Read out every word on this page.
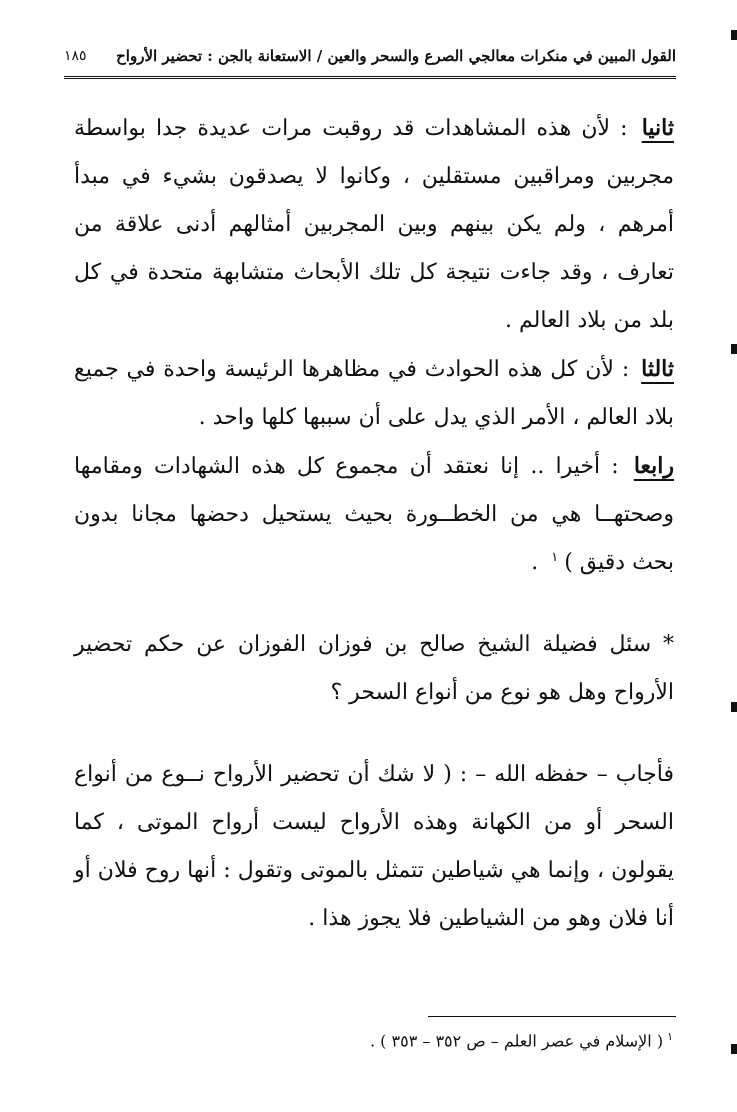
القول المبين في منكرات معالجي الصرع والسحر والعين / الاستعانة بالجن : تحضير الأرواح
١٨٥

ثانيا : لأن هذه المشاهدات قد روقبت مرات عديدة جدا بواسطة مجربين ومراقبين مستقلين ، وكانوا لا يصدقون بشيء في مبدأ أمرهم ، ولم يكن بينهم وبين المجربين أمثالهم أدنى علاقة من تعارف ، وقد جاءت نتيجة كل تلك الأبحاث متشابهة متحدة في كل بلد من بلاد العالم .

ثالثا : لأن كل هذه الحوادث في مظاهرها الرئيسة واحدة في جميع بلاد العالم ، الأمر الذي يدل على أن سببها كلها واحد .

رابعا : أخيرا .. إنا نعتقد أن مجموع كل هذه الشهادات ومقامها وصحتهــا هي من الخطــورة بحيث يستحيل دحضها مجانا بدون بحث دقيق )$^١$ .

* سئل فضيلة الشيخ صالح بن فوزان الفوزان عن حكم تحضير الأرواح وهل هو نوع من أنواع السحر ؟

فأجاب – حفظه الله – : ( لا شك أن تحضير الأرواح نــوع من أنواع السحر أو من الكهانة وهذه الأرواح ليست أرواح الموتى ، كما يقولون ، وإنما هي شياطين تتمثل بالموتى وتقول : أنها روح فلان أو أنا فلان وهو من الشياطين فلا يجوز هذا .

$^١$( الإسلام في عصر العلم – ص ٣٥٢ – ٣٥٣ ) .
